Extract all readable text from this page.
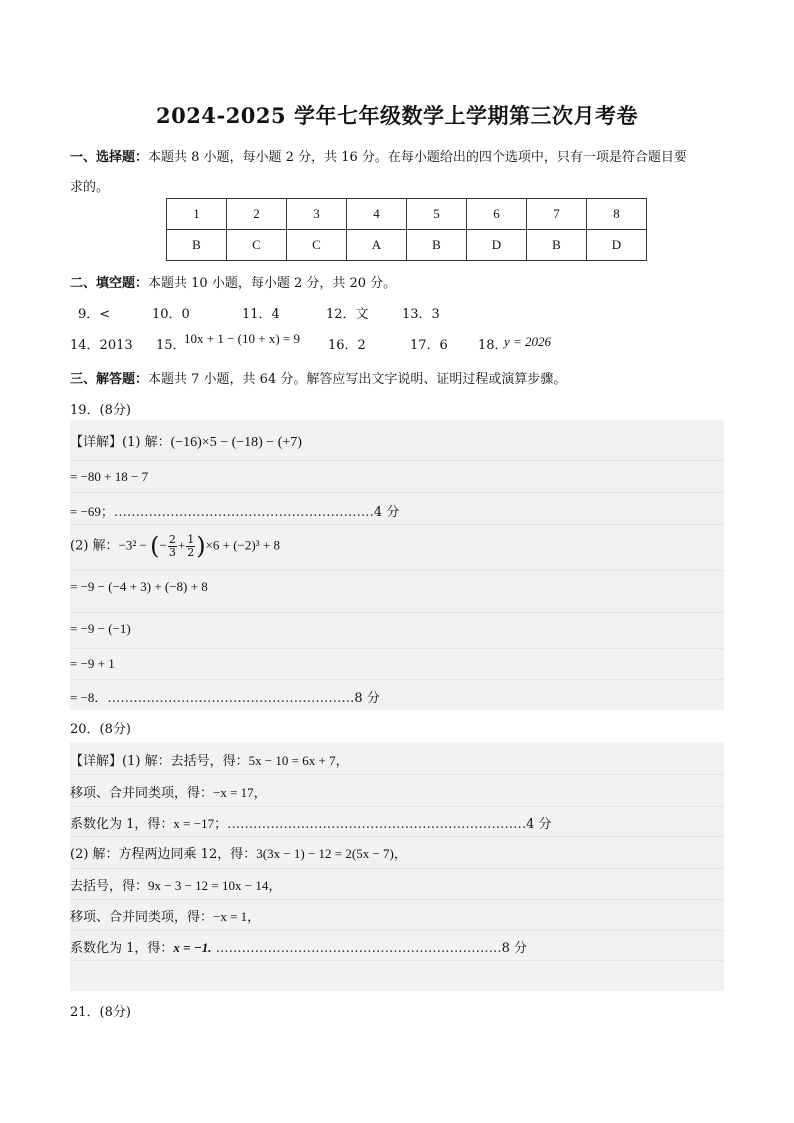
2024-2025 学年七年级数学上学期第三次月考卷
一、选择题：本题共 8 小题，每小题 2 分，共 16 分。在每小题给出的四个选项中，只有一项是符合题目要
求的。
1	2	3	4	5	6	7	8
B	C	C	A	B	D	B	D
二、填空题：本题共 10 小题，每小题 2 分，共 20 分。
9．<	10．0	11．4	12．文	13．3
14．2013 15．
10x + 1 − (10 + x) = 9 16．2	17．6 18．
y = 2026
三、解答题：本题共 7 小题，共 64 分。解答应写出文字说明、证明过程或演算步骤。
19．(8分)
【详解】(1) 解：(−16)×5 − (−18) − (+7)
= −80 + 18 − 7
= −69；……………………………………………………4 分
(2) 解：−3² − (− $\frac{2}{3} + \frac{1}{2} )\times 6 + (-2)^3 + 8$
= −9 − (−4 + 3) + (−8) + 8
= −9 − (−1)
= −9 + 1
= −8．…………………………………………………8 分
20．(8分)
【详解】(1) 解：去括号，得：5x − 10 = 6x + 7，
移项、合并同类项，得：−x = 17，
系数化为 1，得：x = −17；……………………………………………………………4 分
(2) 解：方程两边同乘 12，得：3(3x − 1) − 12 = 2(5x − 7)，
去括号，得：9x − 3 − 12 = 10x − 14，
移项、合并同类项，得：−x = 1，
系数化为 1，得：x = −1. …………………………………………………………8 分
21．(8分)
